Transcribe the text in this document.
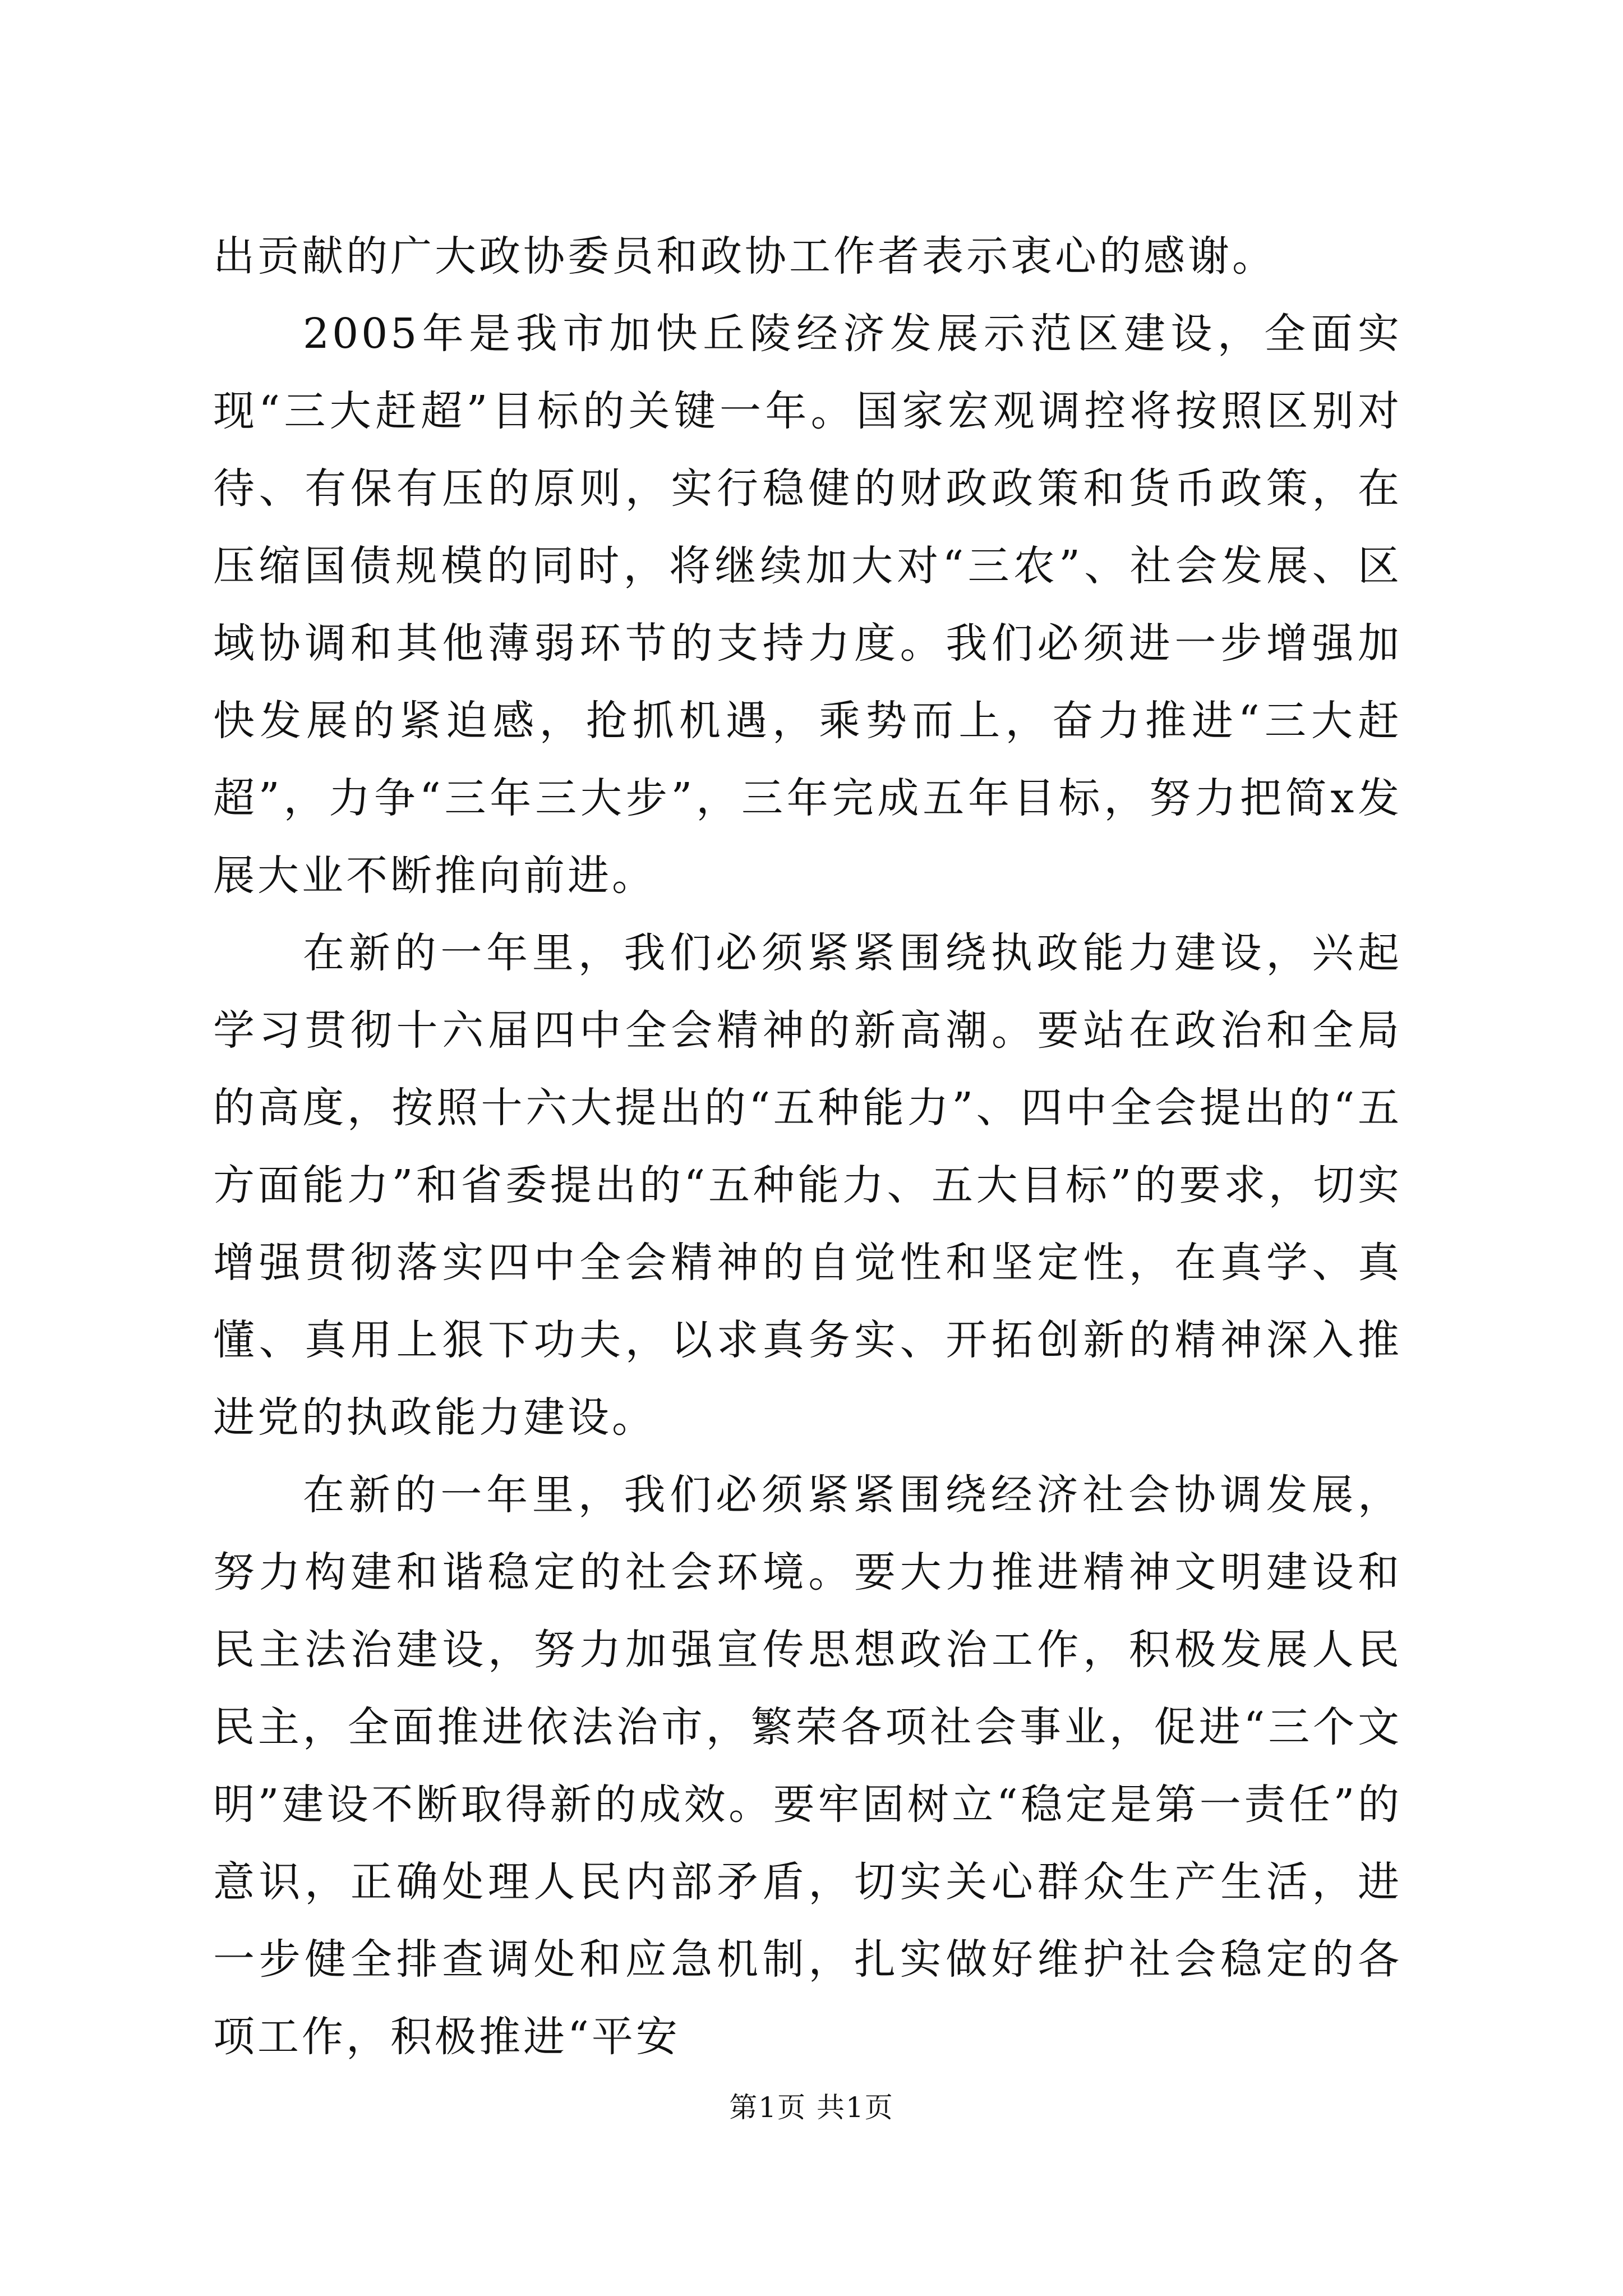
出贡献的广大政协委员和政协工作者表示衷心的感谢。

2005年是我市加快丘陵经济发展示范区建设，全面实现“三大赶超”目标的关键一年。国家宏观调控将按照区别对待、有保有压的原则，实行稳健的财政政策和货币政策，在压缩国债规模的同时，将继续加大对“三农”、社会发展、区域协调和其他薄弱环节的支持力度。我们必须进一步增强加快发展的紧迫感，抢抓机遇，乘势而上，奋力推进“三大赶超”，力争“三年三大步”，三年完成五年目标，努力把简x发展大业不断推向前进。

在新的一年里，我们必须紧紧围绕执政能力建设，兴起学习贯彻十六届四中全会精神的新高潮。要站在政治和全局的高度，按照十六大提出的“五种能力”、四中全会提出的“五方面能力”和省委提出的“五种能力、五大目标”的要求，切实增强贯彻落实四中全会精神的自觉性和坚定性，在真学、真懂、真用上狠下功夫，以求真务实、开拓创新的精神深入推进党的执政能力建设。

在新的一年里，我们必须紧紧围绕经济社会协调发展，努力构建和谐稳定的社会环境。要大力推进精神文明建设和民主法治建设，努力加强宣传思想政治工作，积极发展人民民主，全面推进依法治市，繁荣各项社会事业，促进“三个文明”建设不断取得新的成效。要牢固树立“稳定是第一责任”的意识，正确处理人民内部矛盾，切实关心群众生产生活，进一步健全排查调处和应急机制，扎实做好维护社会稳定的各项工作，积极推进“平安

第1页 共1页
